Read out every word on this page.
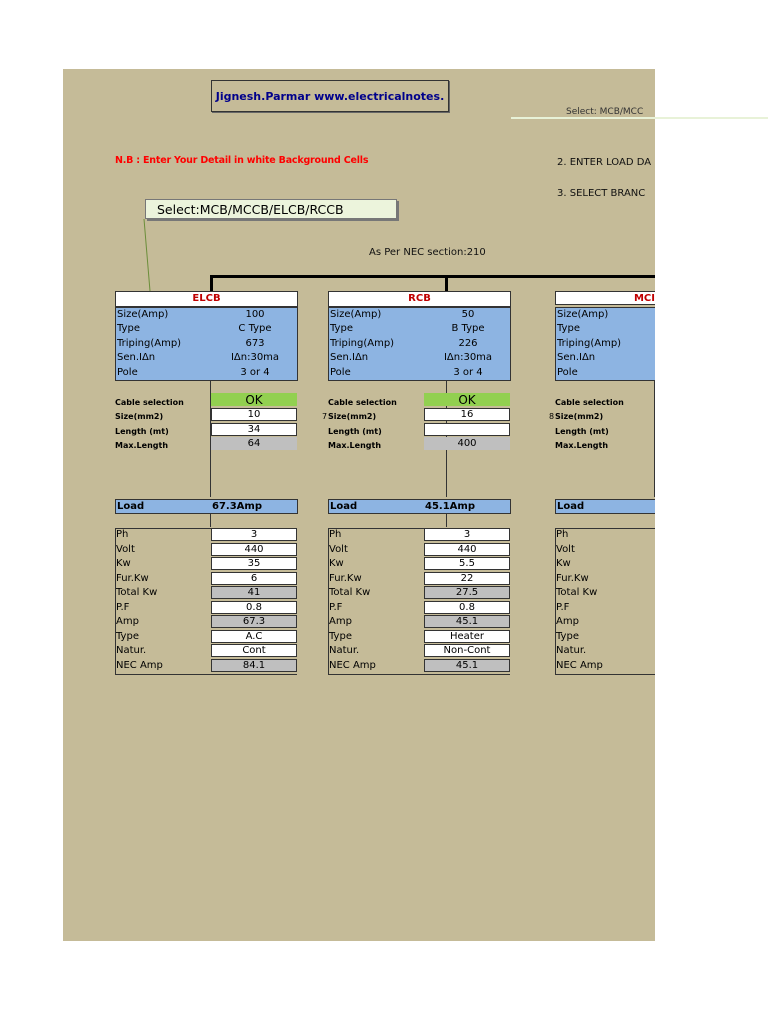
Jignesh.Parmar www.electricalnotes.
Select: MCB/MCC
N.B : Enter Your Detail in white Background Cells	2. ENTER LOAD DA
3. SELECT BRANC
Select:MCB/MCCB/ELCB/RCCB
As Per NEC section:210
ELCB
Size(Amp)	100
Type	C Type
Triping(Amp)	673
Sen.IΔn	IΔn:30ma
Pole	3 or 4
Cable selection	OK
Size(mm2)	10
Length (mt)	34
Max.Length	64
Load	67.3Amp
Ph	3
Volt	440
Kw	35
Fur.Kw	6
Total Kw	41
P.F	0.8
Amp	67.3
Type	A.C
Natur.	Cont
NEC Amp	84.1
RCB
Size(Amp)	50
Type	B Type
Triping(Amp)	226
Sen.IΔn	IΔn:30ma
Pole	3 or 4
Cable selection	OK
7 Size(mm2)	16
Length (mt)
Max.Length	400
Load	45.1Amp
Ph	3
Volt	440
Kw	5.5
Fur.Kw	22
Total Kw	27.5
P.F	0.8
Amp	45.1
Type	Heater
Natur.	Non-Cont
NEC Amp	45.1
MCI
Size(Amp)
Type
Triping(Amp)
Sen.IΔn
Pole
Cable selection
8 Size(mm2)
Length (mt)
Max.Length
Load
Ph
Volt
Kw
Fur.Kw
Total Kw
P.F
Amp
Type
Natur.
NEC Amp
